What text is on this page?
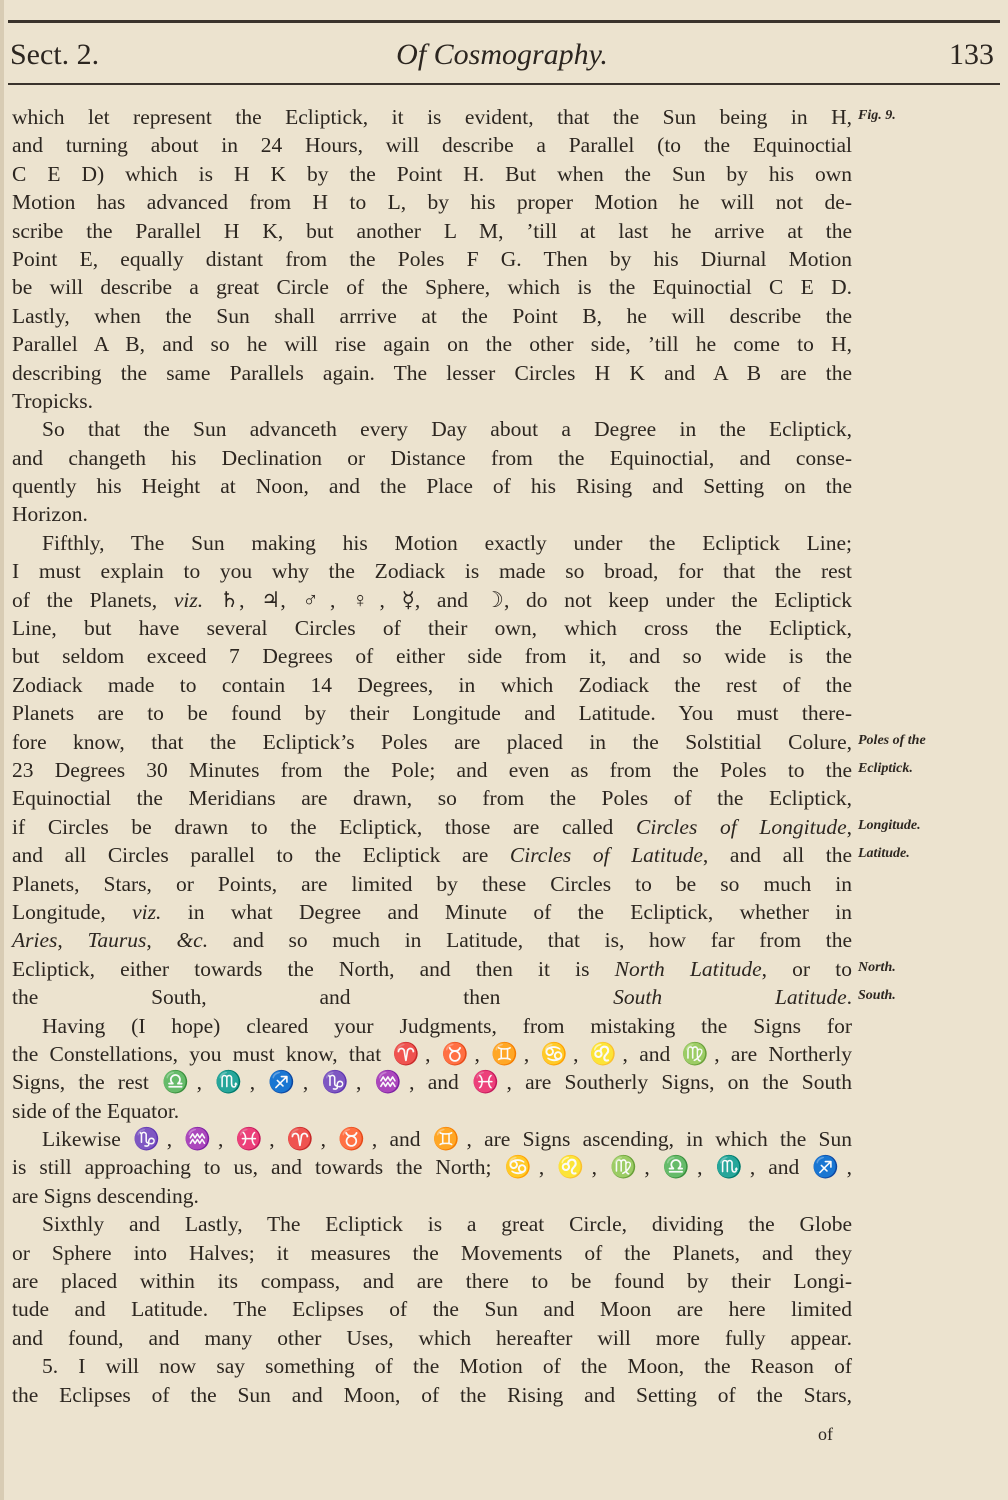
Sect. 2.	Of Cosmography.	133
which let represent the Ecliptick, it is evident, that the Sun being in H,
and turning about in 24 Hours, will describe a Parallel (to the Equinoctial
C E D) which is H K by the Point H. But when the Sun by his own
Motion has advanced from H to L, by his proper Motion he will not de-
scribe the Parallel H K, but another L M, ’till at last he arrive at the
Point E, equally distant from the Poles F G. Then by his Diurnal Motion
be will describe a great Circle of the Sphere, which is the Equinoctial C E D.
Lastly, when the Sun shall arrrive at the Point B, he will describe the
Parallel A B, and so he will rise again on the other side, ’till he come to H,
describing the same Parallels again. The lesser Circles H K and A B are the
Tropicks.
So that the Sun advanceth every Day about a Degree in the Ecliptick,
and changeth his Declination or Distance from the Equinoctial, and conse-
quently his Height at Noon, and the Place of his Rising and Setting on the
Horizon.
Fifthly, The Sun making his Motion exactly under the Ecliptick Line;
I must explain to you why the Zodiack is made so broad, for that the rest
of the Planets, viz. ♄, ♃, ♂, ♀, ☿, and ☽, do not keep under the Ecliptick
Line, but have several Circles of their own, which cross the Ecliptick,
but seldom exceed 7 Degrees of either side from it, and so wide is the
Zodiack made to contain 14 Degrees, in which Zodiack the rest of the
Planets are to be found by their Longitude and Latitude. You must there-
fore know, that the Ecliptick’s Poles are placed in the Solstitial Colure,
23 Degrees 30 Minutes from the Pole; and even as from the Poles to the
Equinoctial the Meridians are drawn, so from the Poles of the Ecliptick,
if Circles be drawn to the Ecliptick, those are called Circles of Longitude,
and all Circles parallel to the Ecliptick are Circles of Latitude, and all the
Planets, Stars, or Points, are limited by these Circles to be so much in
Longitude, viz. in what Degree and Minute of the Ecliptick, whether in
Aries, Taurus, &c. and so much in Latitude, that is, how far from the
Ecliptick, either towards the North, and then it is North Latitude, or to
the South, and then South Latitude.
Having (I hope) cleared your Judgments, from mistaking the Signs for
the Constellations, you must know, that ♈, ♉, ♊, ♋, ♌, and ♍, are Northerly
Signs, the rest ♎, ♏, ♐, ♑, ♒, and ♓, are Southerly Signs, on the South
side of the Equator.
Likewise ♑, ♒, ♓, ♈, ♉, and ♊, are Signs ascending, in which the Sun
is still approaching to us, and towards the North; ♋, ♌, ♍, ♎, ♏, and ♐,
are Signs descending.
Sixthly and Lastly, The Ecliptick is a great Circle, dividing the Globe
or Sphere into Halves; it measures the Movements of the Planets, and they
are placed within its compass, and are there to be found by their Longi-
tude and Latitude. The Eclipses of the Sun and Moon are here limited
and found, and many other Uses, which hereafter will more fully appear.
5. I will now say something of the Motion of the Moon, the Reason of
the Eclipses of the Sun and Moon, of the Rising and Setting of the Stars,
Fig. 9.
Poles of the
Ecliptick.
Longitude.
Latitude.
North.
South.
of
